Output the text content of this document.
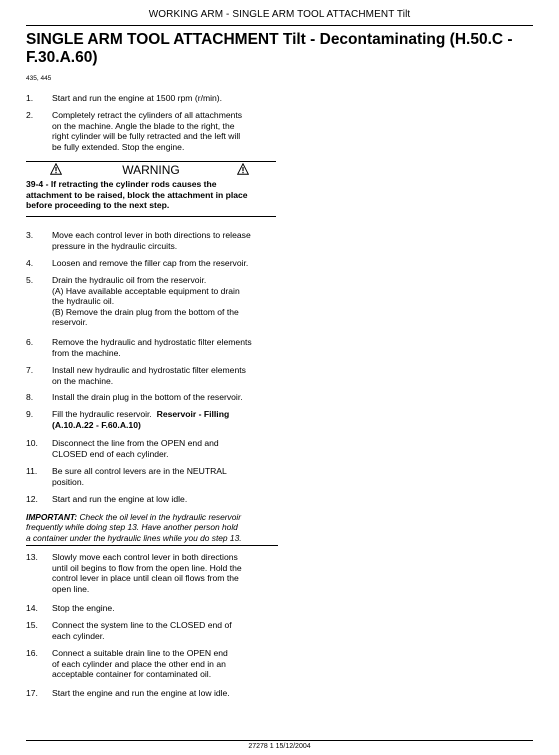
WORKING ARM - SINGLE ARM TOOL ATTACHMENT Tilt
SINGLE ARM TOOL ATTACHMENT Tilt - Decontaminating (H.50.C -
F.30.A.60)
435, 445
1. Start and run the engine at 1500 rpm (r/min).
2. Completely retract the cylinders of all attachments
on the machine. Angle the blade to the right, the
right cylinder will be fully retracted and the left will
be fully extended. Stop the engine.
WARNING
39-4 - If retracting the cylinder rods causes the
attachment to be raised, block the attachment in place
before proceeding to the next step.
3. Move each control lever in both directions to release
pressure in the hydraulic circuits.
4. Loosen and remove the filler cap from the reservoir.
5. Drain the hydraulic oil from the reservoir.
(A) Have available acceptable equipment to drain
the hydraulic oil.
(B) Remove the drain plug from the bottom of the
reservoir.
6. Remove the hydraulic and hydrostatic filter elements
from the machine.
7. Install new hydraulic and hydrostatic filter elements
on the machine.
8. Install the drain plug in the bottom of the reservoir.
9. Fill the hydraulic reservoir. Reservoir - Filling
(A.10.A.22 - F.60.A.10)
10. Disconnect the line from the OPEN end and
CLOSED end of each cylinder.
11. Be sure all control levers are in the NEUTRAL
position.
12. Start and run the engine at low idle.
IMPORTANT: Check the oil level in the hydraulic reservoir
frequently while doing step 13. Have another person hold
a container under the hydraulic lines while you do step 13.
13. Slowly move each control lever in both directions
until oil begins to flow from the open line. Hold the
control lever in place until clean oil flows from the
open line.
14. Stop the engine.
15. Connect the system line to the CLOSED end of
each cylinder.
16. Connect a suitable drain line to the OPEN end
of each cylinder and place the other end in an
acceptable container for contaminated oil.
17. Start the engine and run the engine at low idle.
27278 1 15/12/2004
